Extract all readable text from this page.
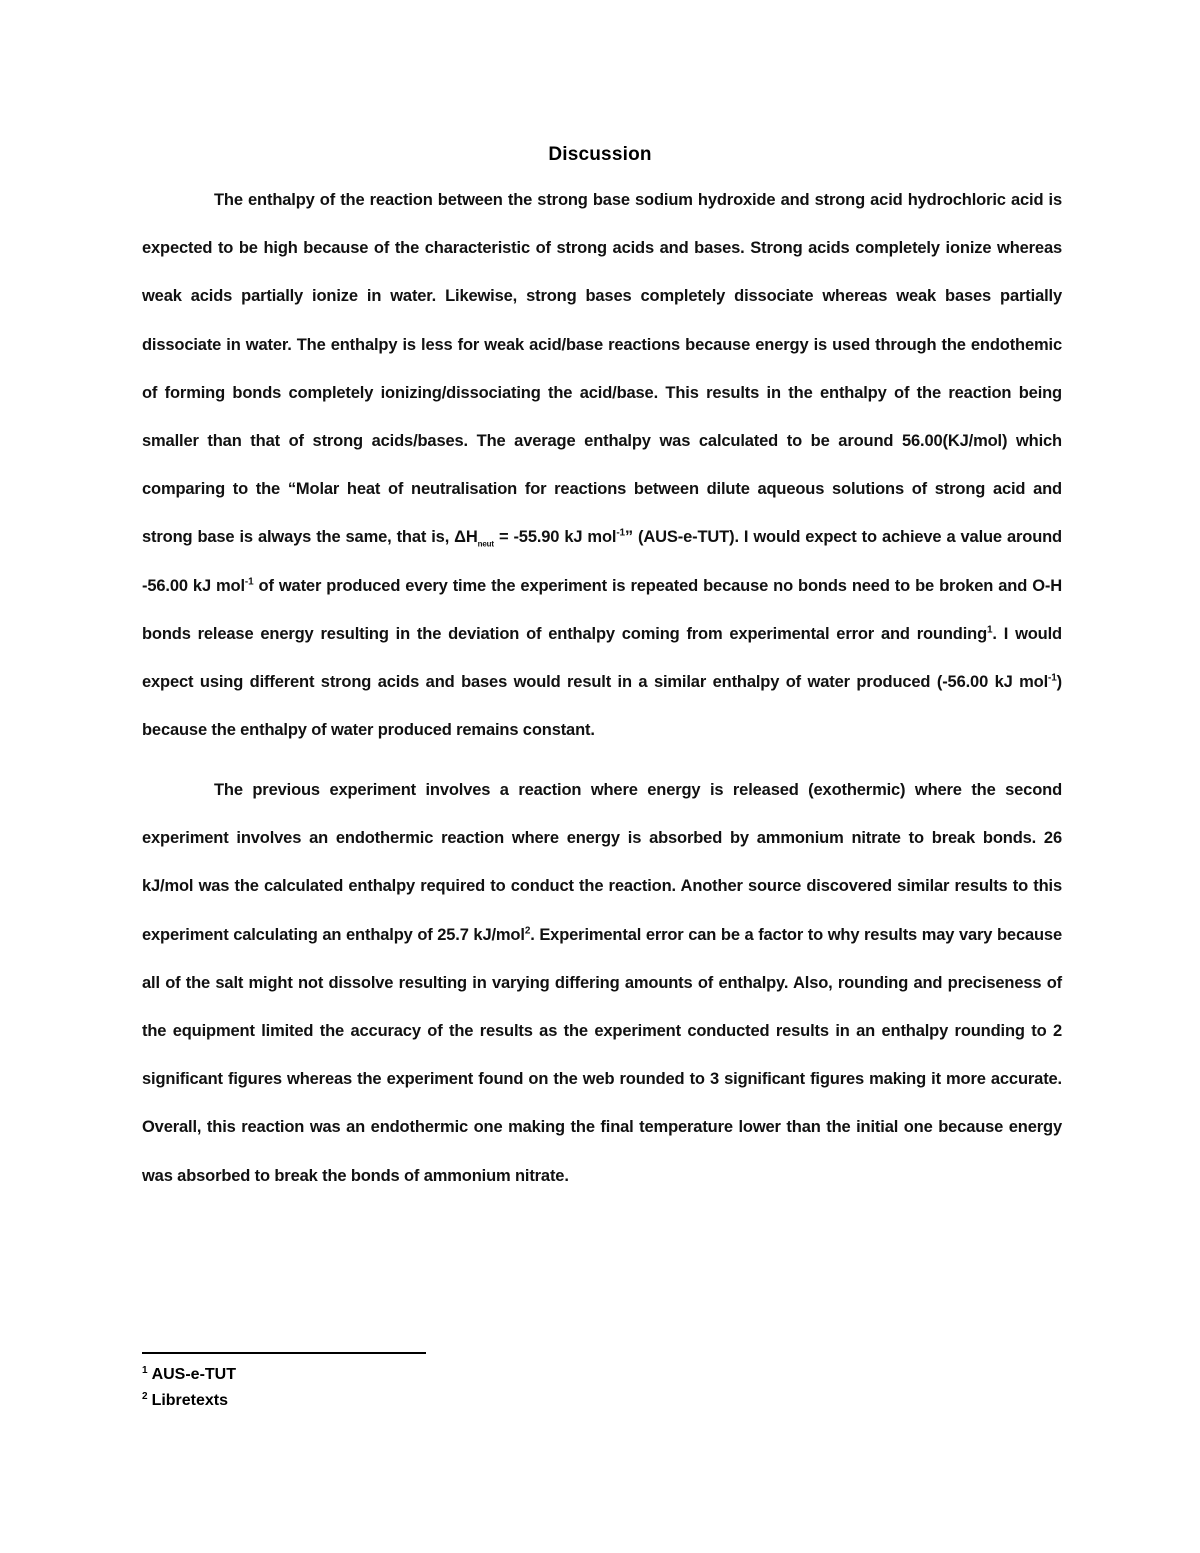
Discussion

The enthalpy of the reaction between the strong base sodium hydroxide and strong acid hydrochloric acid is expected to be high because of the characteristic of strong acids and bases. Strong acids completely ionize whereas weak acids partially ionize in water. Likewise, strong bases completely dissociate whereas weak bases partially dissociate in water. The enthalpy is less for weak acid/base reactions because energy is used through the endothemic of forming bonds completely ionizing/dissociating the acid/base. This results in the enthalpy of the reaction being smaller than that of strong acids/bases. The average enthalpy was calculated to be around 56.00(KJ/mol) which comparing to the “Molar heat of neutralisation for reactions between dilute aqueous solutions of strong acid and strong base is always the same, that is, $\Delta H_{neut} = -55.90$ kJ mol$^{-1}$” (AUS-e-TUT). I would expect to achieve a value around -56.00 kJ mol$^{-1}$ of water produced every time the experiment is repeated because no bonds need to be broken and O-H bonds release energy resulting in the deviation of enthalpy coming from experimental error and rounding$^1$. I would expect using different strong acids and bases would result in a similar enthalpy of water produced (-56.00 kJ mol$^{-1}$) because the enthalpy of water produced remains constant.

The previous experiment involves a reaction where energy is released (exothermic) where the second experiment involves an endothermic reaction where energy is absorbed by ammonium nitrate to break bonds. 26 kJ/mol was the calculated enthalpy required to conduct the reaction. Another source discovered similar results to this experiment calculating an enthalpy of 25.7 kJ/mol$^2$. Experimental error can be a factor to why results may vary because all of the salt might not dissolve resulting in varying differing amounts of enthalpy. Also, rounding and preciseness of the equipment limited the accuracy of the results as the experiment conducted results in an enthalpy rounding to 2 significant figures whereas the experiment found on the web rounded to 3 significant figures making it more accurate. Overall, this reaction was an endothermic one making the final temperature lower than the initial one because energy was absorbed to break the bonds of ammonium nitrate.

$^1$ AUS-e-TUT
$^2$ Libretexts
